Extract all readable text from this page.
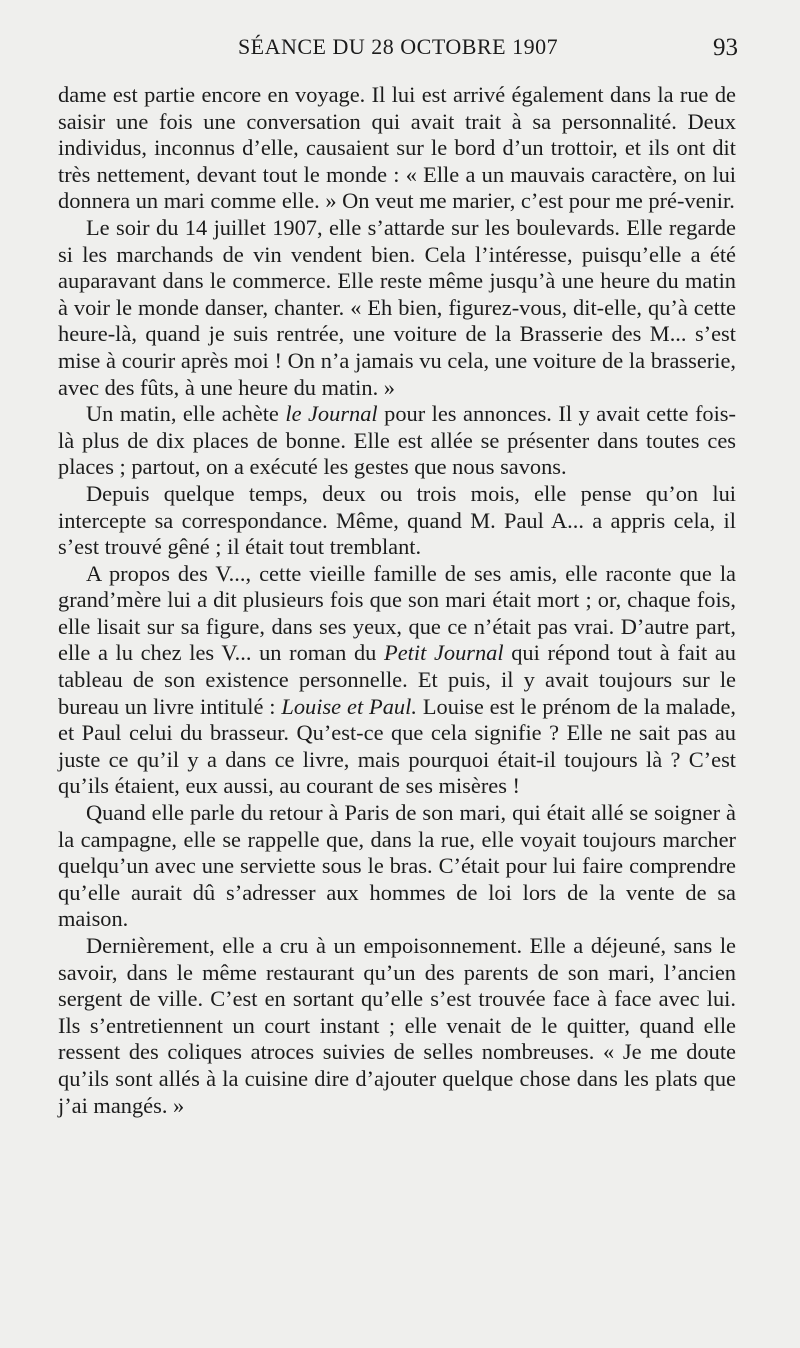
SÉANCE DU 28 OCTOBRE 1907	93

dame est partie encore en voyage. Il lui est arrivé également dans la rue de saisir une fois une conversation qui avait trait à sa personnalité. Deux individus, inconnus d’elle, causaient sur le bord d’un trottoir, et ils ont dit très nettement, devant tout le monde : « Elle a un mauvais caractère, on lui donnera un mari comme elle. » On veut me marier, c’est pour me pré-venir.

Le soir du 14 juillet 1907, elle s’attarde sur les boulevards. Elle regarde si les marchands de vin vendent bien. Cela l’intéresse, puisqu’elle a été auparavant dans le commerce. Elle reste même jusqu’à une heure du matin à voir le monde danser, chanter. « Eh bien, figurez-vous, dit-elle, qu’à cette heure-là, quand je suis rentrée, une voiture de la Brasserie des M... s’est mise à courir après moi ! On n’a jamais vu cela, une voiture de la brasserie, avec des fûts, à une heure du matin. »

Un matin, elle achète le Journal pour les annonces. Il y avait cette fois-là plus de dix places de bonne. Elle est allée se présenter dans toutes ces places ; partout, on a exécuté les gestes que nous savons.

Depuis quelque temps, deux ou trois mois, elle pense qu’on lui intercepte sa correspondance. Même, quand M. Paul A... a appris cela, il s’est trouvé gêné ; il était tout tremblant.

A propos des V..., cette vieille famille de ses amis, elle raconte que la grand’mère lui a dit plusieurs fois que son mari était mort ; or, chaque fois, elle lisait sur sa figure, dans ses yeux, que ce n’était pas vrai. D’autre part, elle a lu chez les V... un roman du Petit Journal qui répond tout à fait au tableau de son existence personnelle. Et puis, il y avait toujours sur le bureau un livre intitulé : Louise et Paul. Louise est le prénom de la malade, et Paul celui du brasseur. Qu’est-ce que cela signifie ? Elle ne sait pas au juste ce qu’il y a dans ce livre, mais pourquoi était-il toujours là ? C’est qu’ils étaient, eux aussi, au courant de ses misères !

Quand elle parle du retour à Paris de son mari, qui était allé se soigner à la campagne, elle se rappelle que, dans la rue, elle voyait toujours marcher quelqu’un avec une serviette sous le bras. C’était pour lui faire comprendre qu’elle aurait dû s’adresser aux hommes de loi lors de la vente de sa maison.

Dernièrement, elle a cru à un empoisonnement. Elle a déjeuné, sans le savoir, dans le même restaurant qu’un des parents de son mari, l’ancien sergent de ville. C’est en sortant qu’elle s’est trouvée face à face avec lui. Ils s’entretiennent un court instant ; elle venait de le quitter, quand elle ressent des coliques atroces suivies de selles nombreuses. « Je me doute qu’ils sont allés à la cuisine dire d’ajouter quelque chose dans les plats que j’ai mangés. »
